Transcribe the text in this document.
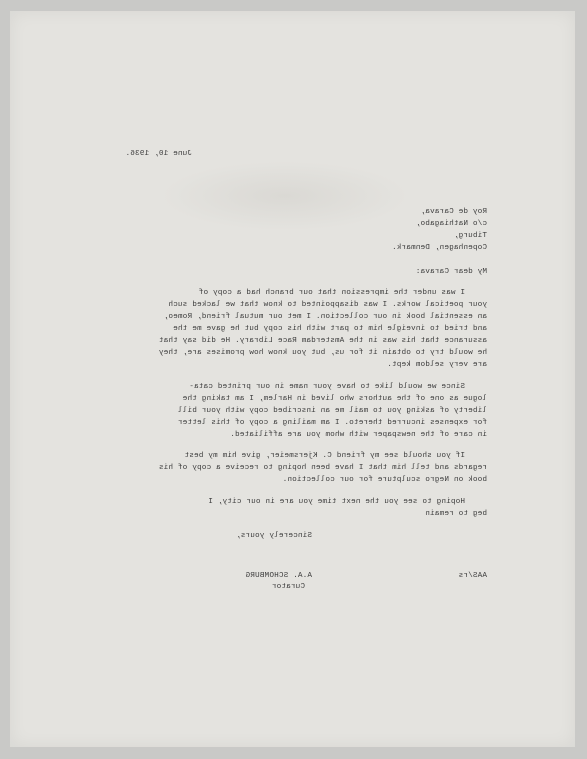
June 10, 1936.
Roy de Carava,
c/o Nathiagabo,
Tiburg,
Copenhagen, Denmark.
My dear Carava:
I was under the impression that our branch had a copy of
your poetical works. I was disappointed to know that we lacked such
an essential book in our collection. I met our mutual friend, Romeo,
and tried to inveigle him to part with his copy but he gave me the
assurance that his was in the Amsterdam Race Library. He did say that
he would try to obtain it for us, but you know how promises are, they
are very seldom kept.
Since we would like to have your name in our printed cata-
logue as one of the authors who lived in Harlem, I am taking the
liberty of asking you to mail me an inscribed copy with your bill
for expenses incurred thereto. I am mailing a copy of this letter
in care of the newspaper with whom you are affiliated.
If you should see my friend C. Kjersmeier, give him my best
regards and tell him that I have been hoping to receive a copy of his
book on Negro sculpture for our collection.
Hoping to see you the next time you are in our city, I
beg to remain
Sincerely yours,
AAS/rs
A.A. SCHOMBURG
Curator
